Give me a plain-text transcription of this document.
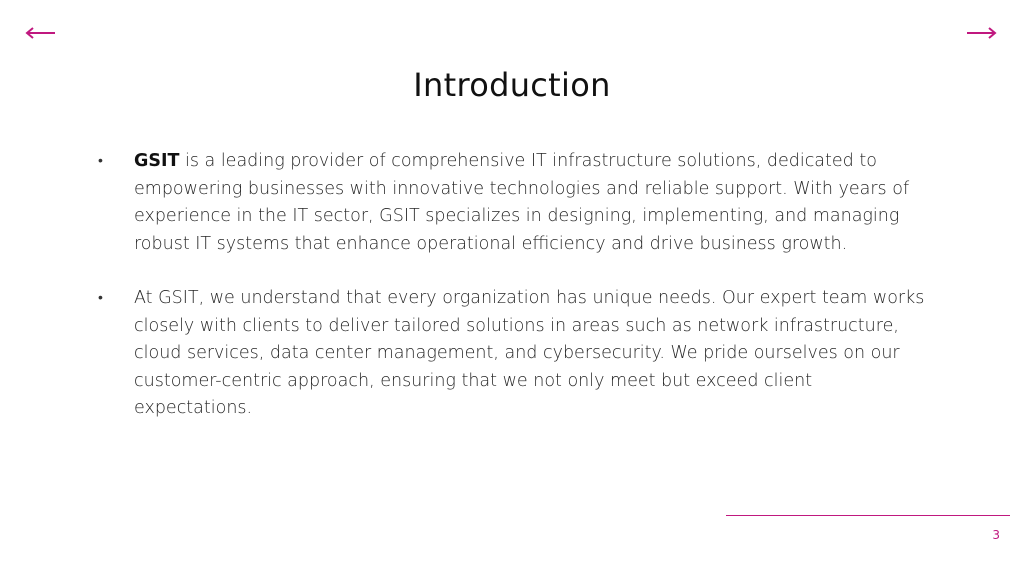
Introduction
• GSIT is a leading provider of comprehensive IT infrastructure solutions, dedicated to empowering businesses with innovative technologies and reliable support. With years of experience in the IT sector, GSIT specializes in designing, implementing, and managing robust IT systems that enhance operational efficiency and drive business growth.
• At GSIT, we understand that every organization has unique needs. Our expert team works closely with clients to deliver tailored solutions in areas such as network infrastructure, cloud services, data center management, and cybersecurity. We pride ourselves on our customer-centric approach, ensuring that we not only meet but exceed client expectations.
3
